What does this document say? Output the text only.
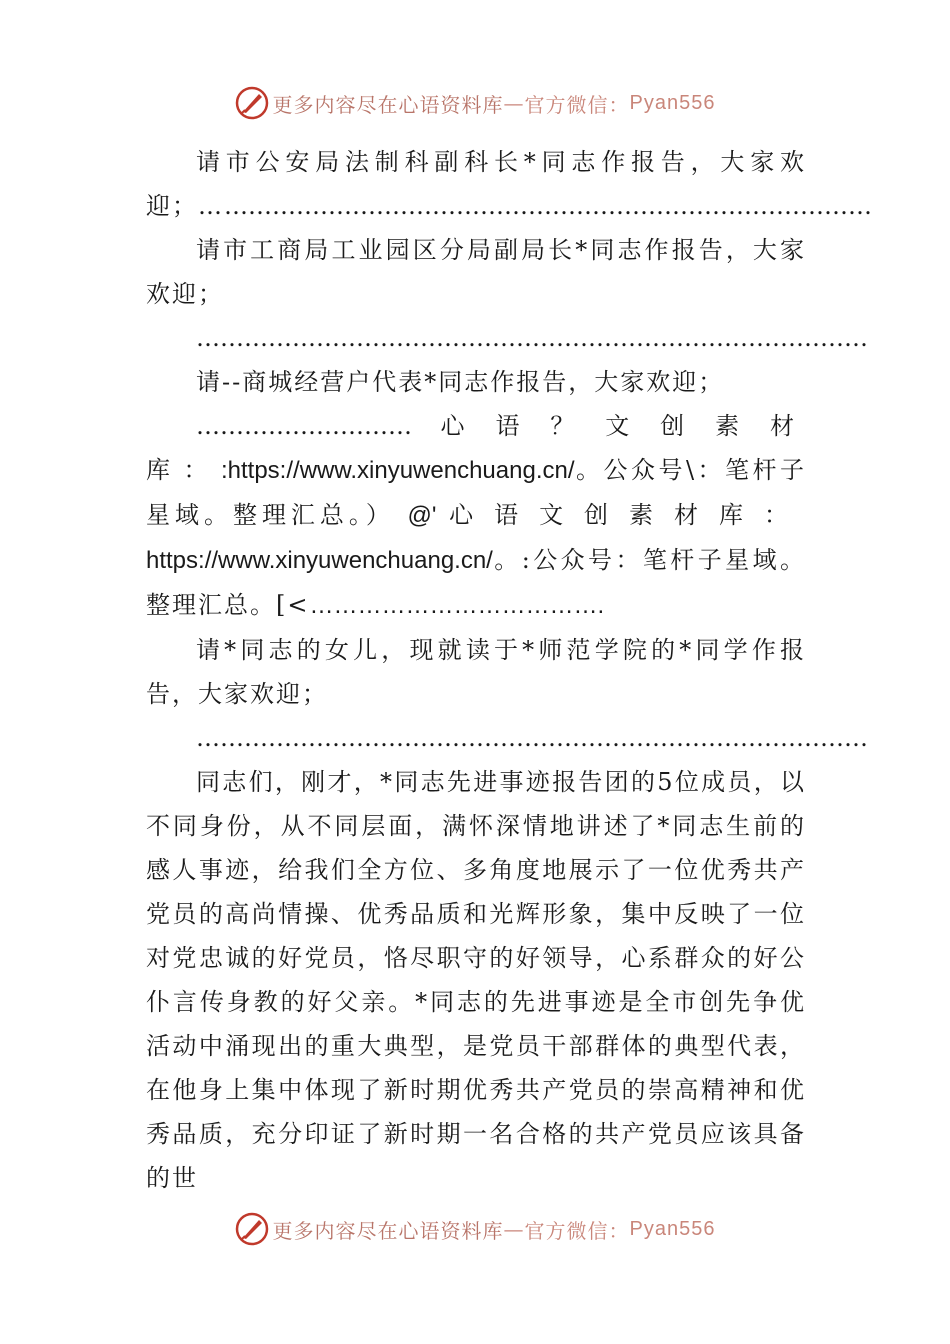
更多内容尽在心语资料库 — 官方微信： Pyan556

请市公安局法制科副科长*同志作报告，大家欢迎；…………………………………………………………………………

请市工商局工业园区分局副局长*同志作报告，大家欢迎；

…………………………………………………………………………

请--商城经营户代表*同志作报告，大家欢迎；

……………………… 心语？文创素材库：:https://www.xinyuwenchuang.cn/。公众号\：笔杆子星域。整理汇总。） @' 心语文创素材库：https://www.xinyuwenchuang.cn/。:公众号：笔杆子星域。整理汇总。[<……………………………….

请*同志的女儿，现就读于*师范学院的*同学作报告，大家欢迎；

…………………………………………………………………………

同志们，刚才，*同志先进事迹报告团的5位成员，以不同身份，从不同层面，满怀深情地讲述了*同志生前的感人事迹，给我们全方位、多角度地展示了一位优秀共产党员的高尚情操、优秀品质和光辉形象，集中反映了一位对党忠诚的好党员，恪尽职守的好领导，心系群众的好公仆言传身教的好父亲。*同志的先进事迹是全市创先争优活动中涌现出的重大典型，是党员干部群体的典型代表，在他身上集中体现了新时期优秀共产党员的崇高精神和优秀品质，充分印证了新时期一名合格的共产党员应该具备的世

更多内容尽在心语资料库 — 官方微信： Pyan556
